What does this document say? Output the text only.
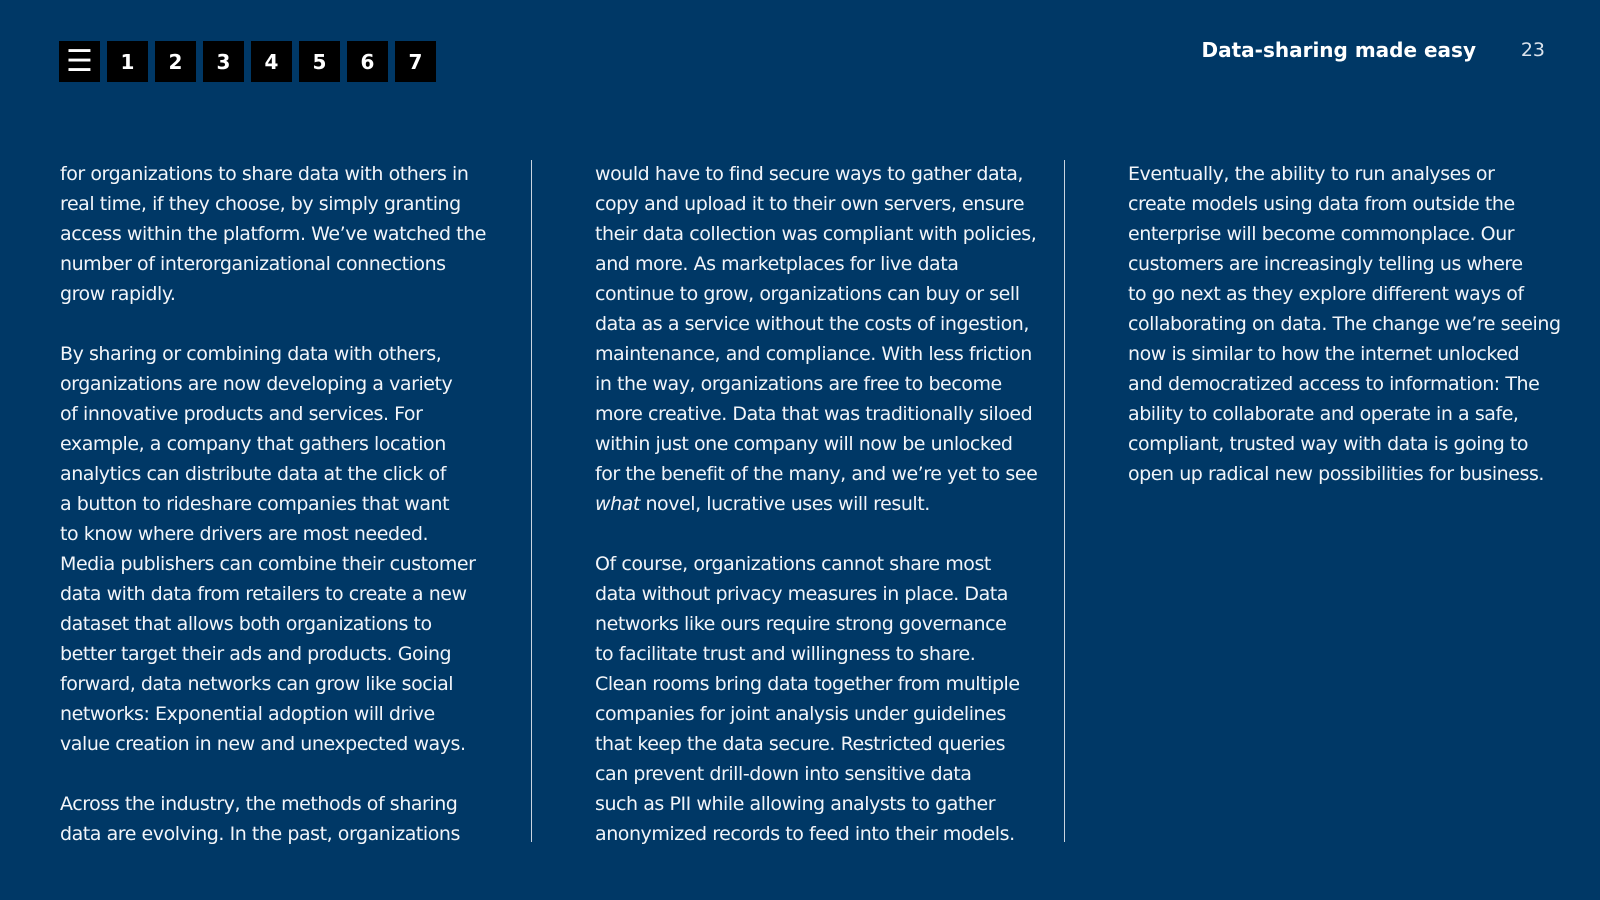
☰	1	2	3	4	5	6	7	Data-sharing made easy 23

for organizations to share data with others in
real time, if they choose, by simply granting
access within the platform. We’ve watched the
number of interorganizational connections
grow rapidly.

By sharing or combining data with others,
organizations are now developing a variety
of innovative products and services. For
example, a company that gathers location
analytics can distribute data at the click of
a button to rideshare companies that want
to know where drivers are most needed.
Media publishers can combine their customer
data with data from retailers to create a new
dataset that allows both organizations to
better target their ads and products. Going
forward, data networks can grow like social
networks: Exponential adoption will drive
value creation in new and unexpected ways.

Across the industry, the methods of sharing
data are evolving. In the past, organizations

would have to find secure ways to gather data,
copy and upload it to their own servers, ensure
their data collection was compliant with policies,
and more. As marketplaces for live data
continue to grow, organizations can buy or sell
data as a service without the costs of ingestion,
maintenance, and compliance. With less friction
in the way, organizations are free to become
more creative. Data that was traditionally siloed
within just one company will now be unlocked
for the benefit of the many, and we’re yet to see
what novel, lucrative uses will result.

Of course, organizations cannot share most
data without privacy measures in place. Data
networks like ours require strong governance
to facilitate trust and willingness to share.
Clean rooms bring data together from multiple
companies for joint analysis under guidelines
that keep the data secure. Restricted queries
can prevent drill-down into sensitive data
such as PII while allowing analysts to gather
anonymized records to feed into their models.

Eventually, the ability to run analyses or
create models using data from outside the
enterprise will become commonplace. Our
customers are increasingly telling us where
to go next as they explore different ways of
collaborating on data. The change we’re seeing
now is similar to how the internet unlocked
and democratized access to information: The
ability to collaborate and operate in a safe,
compliant, trusted way with data is going to
open up radical new possibilities for business.
